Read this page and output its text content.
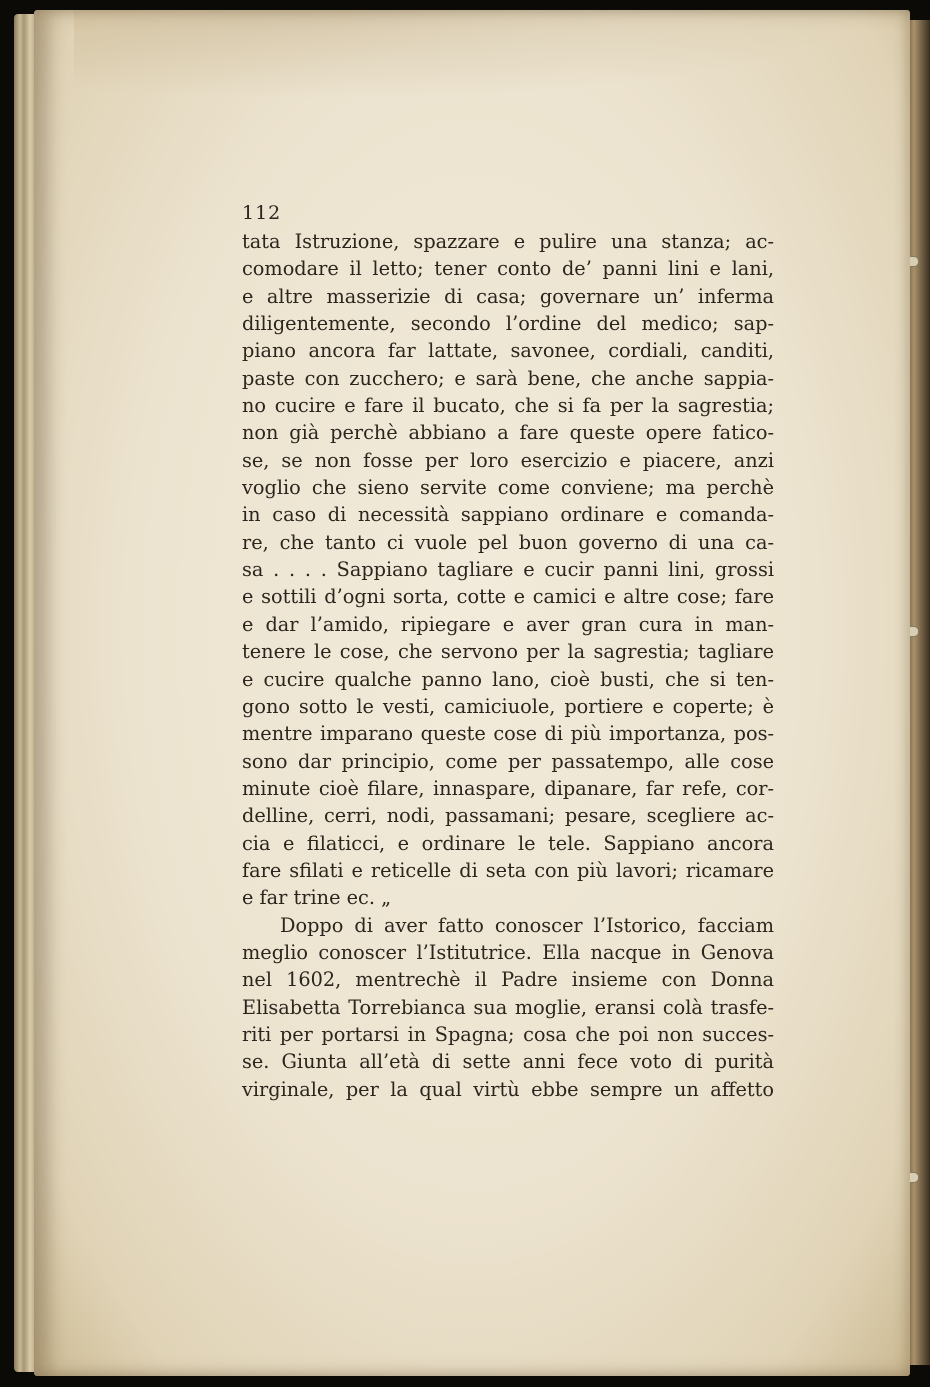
112
tata Istruzione, spazzare e pulire una stanza; ac-
comodare il letto; tener conto de’ panni lini e lani,
e altre masserizie di casa; governare un’ inferma
diligentemente, secondo l’ordine del medico; sap-
piano ancora far lattate, savonee, cordiali, canditi,
paste con zucchero; e sarà bene, che anche sappia-
no cucire e fare il bucato, che si fa per la sagrestia;
non già perchè abbiano a fare queste opere fatico-
se, se non fosse per loro esercizio e piacere, anzi
voglio che sieno servite come conviene; ma perchè
in caso di necessità sappiano ordinare e comanda-
re, che tanto ci vuole pel buon governo di una ca-
sa . . . . Sappiano tagliare e cucir panni lini, grossi
e sottili d’ogni sorta, cotte e camici e altre cose; fare
e dar l’amido, ripiegare e aver gran cura in man-
tenere le cose, che servono per la sagrestia; tagliare
e cucire qualche panno lano, cioè busti, che si ten-
gono sotto le vesti, camiciuole, portiere e coperte; è
mentre imparano queste cose di più importanza, pos-
sono dar principio, come per passatempo, alle cose
minute cioè filare, innaspare, dipanare, far refe, cor-
delline, cerri, nodi, passamani; pesare, scegliere ac-
cia e filaticci, e ordinare le tele. Sappiano ancora
fare sfilati e reticelle di seta con più lavori; ricamare
e far trine ec. „
Doppo di aver fatto conoscer l’Istorico, facciam
meglio conoscer l’Istitutrice. Ella nacque in Genova
nel 1602, mentrechè il Padre insieme con Donna
Elisabetta Torrebianca sua moglie, eransi colà trasfe-
riti per portarsi in Spagna; cosa che poi non succes-
se. Giunta all’età di sette anni fece voto di purità
virginale, per la qual virtù ebbe sempre un affetto
